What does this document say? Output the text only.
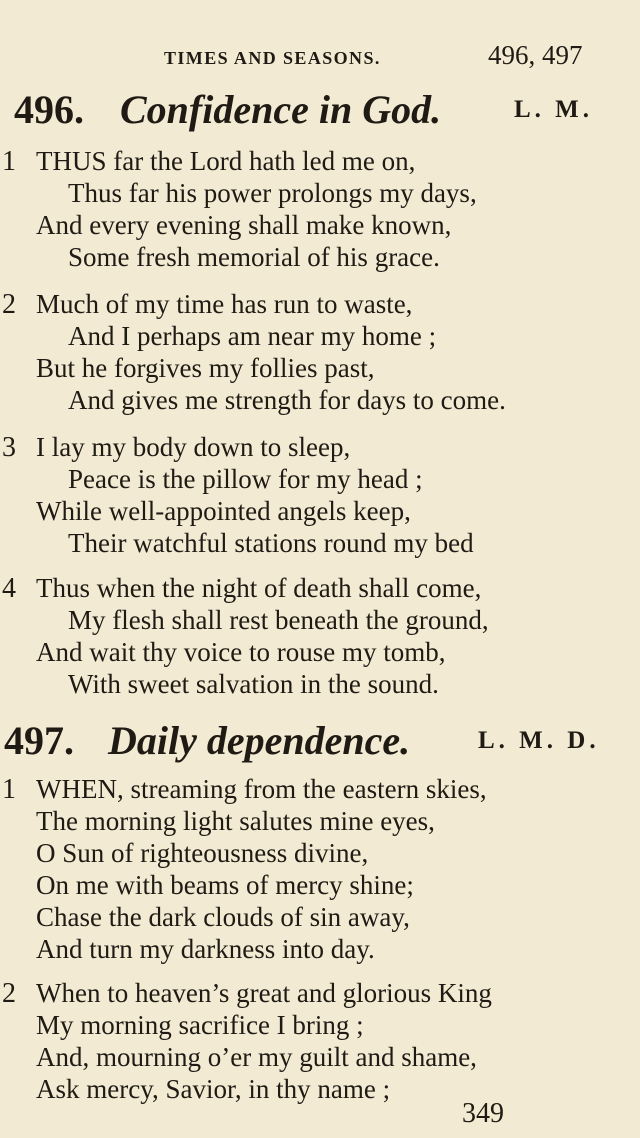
TIMES AND SEASONS.	496, 497
496. Confidence in God.	L. M.
1 THUS far the Lord hath led me on,
Thus far his power prolongs my days,
And every evening shall make known,
Some fresh memorial of his grace.
2 Much of my time has run to waste,
And I perhaps am near my home ;
But he forgives my follies past,
And gives me strength for days to come.
3 I lay my body down to sleep,
Peace is the pillow for my head ;
While well-appointed angels keep,
Their watchful stations round my bed
4 Thus when the night of death shall come,
My flesh shall rest beneath the ground,
And wait thy voice to rouse my tomb,
With sweet salvation in the sound.
497. Daily dependence.	L. M. D.
1 WHEN, streaming from the eastern skies,
The morning light salutes mine eyes,
O Sun of righteousness divine,
On me with beams of mercy shine;
Chase the dark clouds of sin away,
And turn my darkness into day.
2 When to heaven’s great and glorious King
My morning sacrifice I bring ;
And, mourning o’er my guilt and shame,
Ask mercy, Savior, in thy name ;
349
